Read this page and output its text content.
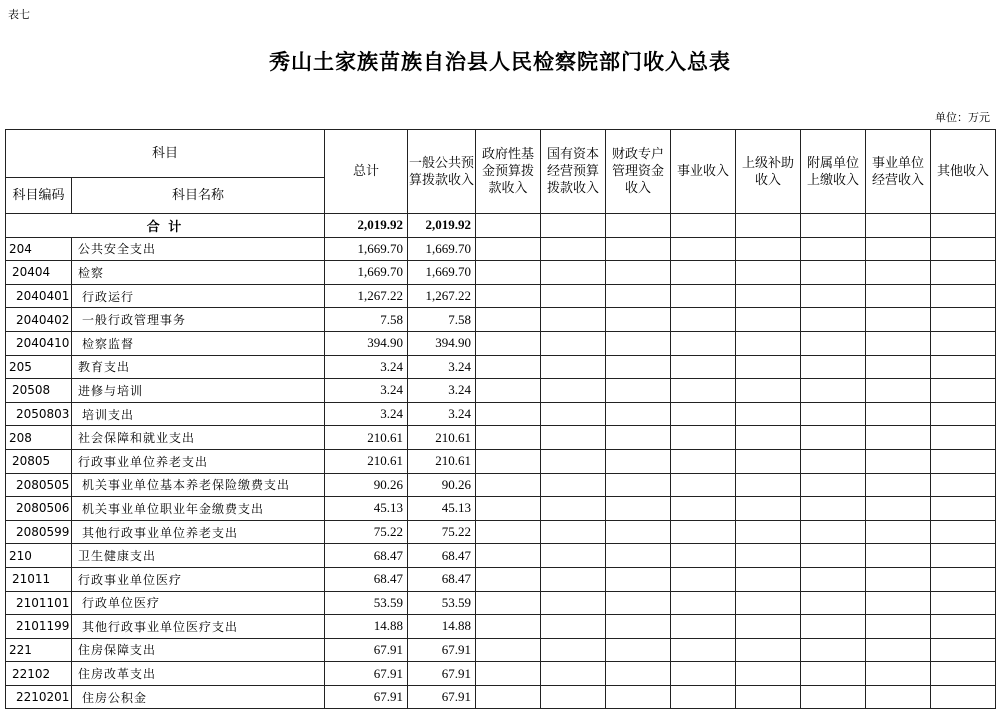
表七
秀山土家族苗族自治县人民检察院部门收入总表
单位：万元
科目		总计	一般公共预算拨款收入	政府性基金预算拨款收入	国有资本经营预算拨款收入	财政专户管理资金收入	事业收入	上级补助收入	附属单位上缴收入	事业单位经营收入	其他收入
科目编码	科目名称										
合 计		2,019.92	2,019.92								
204	公共安全支出	1,669.70	1,669.70								
20404	检察	1,669.70	1,669.70								
2040401	行政运行	1,267.22	1,267.22								
2040402	一般行政管理事务	7.58	7.58								
2040410	检察监督	394.90	394.90								
205	教育支出	3.24	3.24								
20508	进修与培训	3.24	3.24								
2050803	培训支出	3.24	3.24								
208	社会保障和就业支出	210.61	210.61								
20805	行政事业单位养老支出	210.61	210.61								
2080505	机关事业单位基本养老保险缴费支出	90.26	90.26								
2080506	机关事业单位职业年金缴费支出	45.13	45.13								
2080599	其他行政事业单位养老支出	75.22	75.22								
210	卫生健康支出	68.47	68.47								
21011	行政事业单位医疗	68.47	68.47								
2101101	行政单位医疗	53.59	53.59								
2101199	其他行政事业单位医疗支出	14.88	14.88								
221	住房保障支出	67.91	67.91								
22102	住房改革支出	67.91	67.91								
2210201	住房公积金	67.91	67.91								
